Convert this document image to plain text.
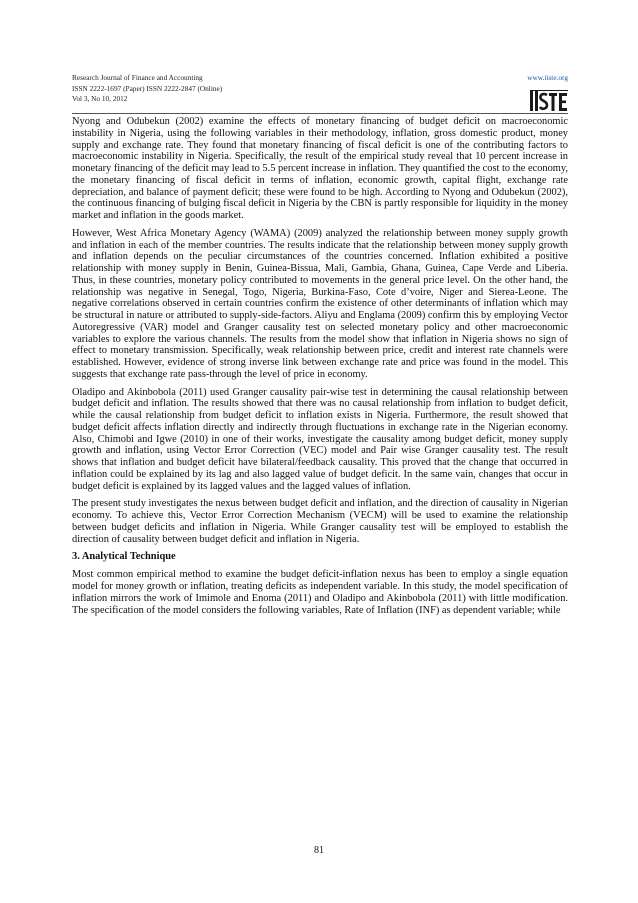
Research Journal of Finance and Accounting
ISSN 2222-1697 (Paper) ISSN 2222-2847 (Online)
Vol 3, No 10, 2012
www.iiste.org

Nyong and Odubekun (2002) examine the effects of monetary financing of budget deficit on macroeconomic instability in Nigeria, using the following variables in their methodology, inflation, gross domestic product, money supply and exchange rate. They found that monetary financing of fiscal deficit is one of the contributing factors to macroeconomic instability in Nigeria. Specifically, the result of the empirical study reveal that 10 percent increase in monetary financing of the deficit may lead to 5.5 percent increase in inflation. They quantified the cost to the economy, the monetary financing of fiscal deficit in terms of inflation, economic growth, capital flight, exchange rate depreciation, and balance of payment deficit; these were found to be high. According to Nyong and Odubekun (2002), the continuous financing of bulging fiscal deficit in Nigeria by the CBN is partly responsible for liquidity in the money market and inflation in the goods market.

However, West Africa Monetary Agency (WAMA) (2009) analyzed the relationship between money supply growth and inflation in each of the member countries. The results indicate that the relationship between money supply growth and inflation depends on the peculiar circumstances of the countries concerned. Inflation exhibited a positive relationship with money supply in Benin, Guinea-Bissua, Mali, Gambia, Ghana, Guinea, Cape Verde and Liberia. Thus, in these countries, monetary policy contributed to movements in the general price level. On the other hand, the relationship was negative in Senegal, Togo, Nigeria, Burkina-Faso, Cote d’voire, Niger and Sierea-Leone. The negative correlations observed in certain countries confirm the existence of other determinants of inflation which may be structural in nature or attributed to supply-side-factors. Aliyu and Englama (2009) confirm this by employing Vector Autoregressive (VAR) model and Granger causality test on selected monetary policy and other macroeconomic variables to explore the various channels. The results from the model show that inflation in Nigeria shows no sign of effect to monetary transmission. Specifically, weak relationship between price, credit and interest rate channels were established. However, evidence of strong inverse link between exchange rate and price was found in the model. This suggests that exchange rate pass-through the level of price in economy.

Oladipo and Akinbobola (2011) used Granger causality pair-wise test in determining the causal relationship between budget deficit and inflation. The results showed that there was no causal relationship from inflation to budget deficit, while the causal relationship from budget deficit to inflation exists in Nigeria. Furthermore, the result showed that budget deficit affects inflation directly and indirectly through fluctuations in exchange rate in the Nigerian economy. Also, Chimobi and Igwe (2010) in one of their works, investigate the causality among budget deficit, money supply growth and inflation, using Vector Error Correction (VEC) model and Pair wise Granger causality test. The result shows that inflation and budget deficit have bilateral/feedback causality. This proved that the change that occurred in inflation could be explained by its lag and also lagged value of budget deficit. In the same vain, changes that occur in budget deficit is explained by its lagged values and the lagged values of inflation.

The present study investigates the nexus between budget deficit and inflation, and the direction of causality in Nigerian economy. To achieve this, Vector Error Correction Mechanism (VECM) will be used to examine the relationship between budget deficits and inflation in Nigeria. While Granger causality test will be employed to establish the direction of causality between budget deficit and inflation in Nigeria.

3. Analytical Technique

Most common empirical method to examine the budget deficit-inflation nexus has been to employ a single equation model for money growth or inflation, treating deficits as independent variable. In this study, the model specification of inflation mirrors the work of Imimole and Enoma (2011) and Oladipo and Akinbobola (2011) with little modification. The specification of the model considers the following variables, Rate of Inflation (INF) as dependent variable; while

81
